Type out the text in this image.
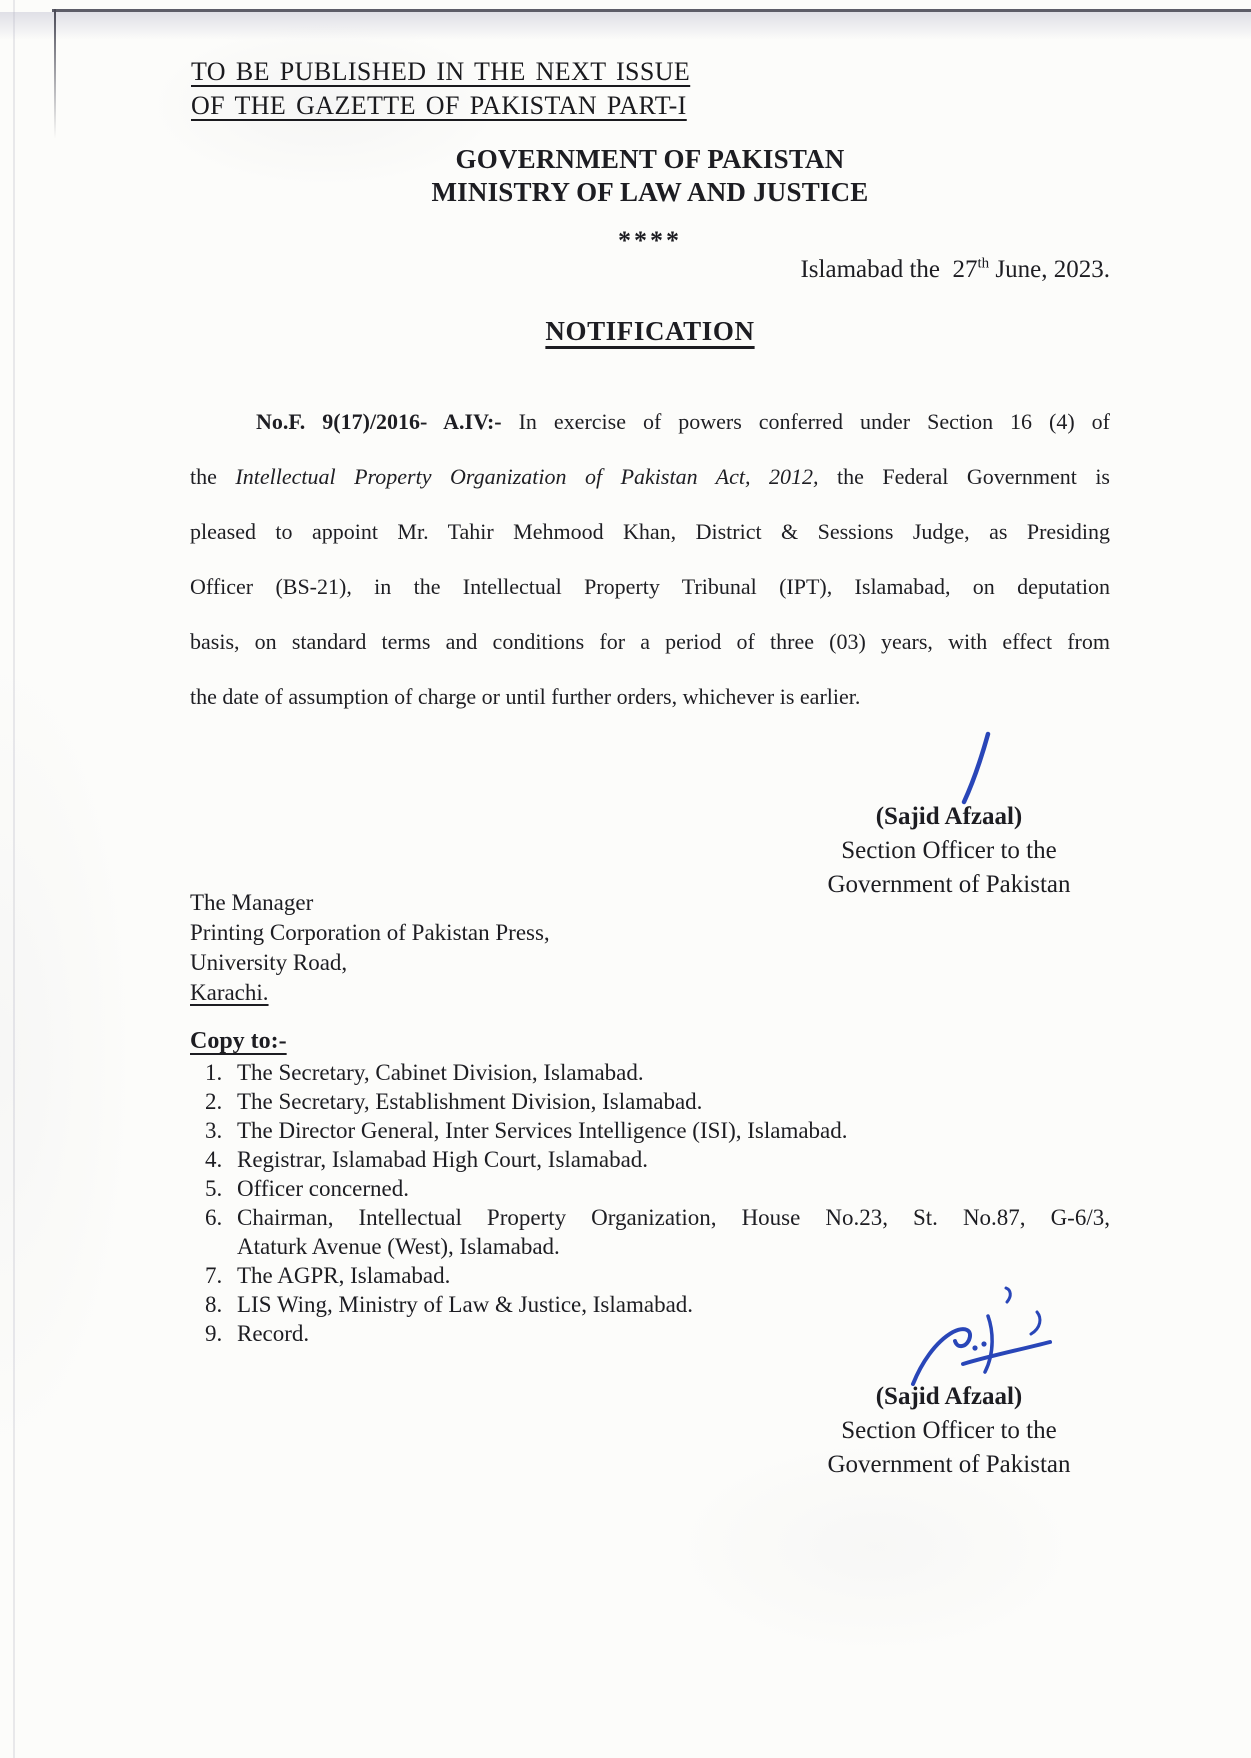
TO BE PUBLISHED IN THE NEXT ISSUE
OF THE GAZETTE OF PAKISTAN PART-I
GOVERNMENT OF PAKISTAN
MINISTRY OF LAW AND JUSTICE
****
Islamabad the  27th June, 2023.
NOTIFICATION
No.F. 9(17)/2016- A.IV:- In exercise of powers conferred under Section 16 (4) of
the Intellectual Property Organization of Pakistan Act, 2012, the Federal Government is
pleased to appoint Mr. Tahir Mehmood Khan, District & Sessions Judge, as Presiding
Officer (BS-21), in the Intellectual Property Tribunal (IPT), Islamabad, on deputation
basis, on standard terms and conditions for a period of three (03) years, with effect from
the date of assumption of charge or until further orders, whichever is earlier.
(Sajid Afzaal)
Section Officer to the
Government of Pakistan
The Manager
Printing Corporation of Pakistan Press,
University Road,
Karachi.
Copy to:-
1. The Secretary, Cabinet Division, Islamabad.
2. The Secretary, Establishment Division, Islamabad.
3. The Director General, Inter Services Intelligence (ISI), Islamabad.
4. Registrar, Islamabad High Court, Islamabad.
5. Officer concerned.
6. Chairman, Intellectual Property Organization, House No.23, St. No.87, G-6/3,
Ataturk Avenue (West), Islamabad.
7. The AGPR, Islamabad.
8. LIS Wing, Ministry of Law & Justice, Islamabad.
9. Record.
(Sajid Afzaal)
Section Officer to the
Government of Pakistan
